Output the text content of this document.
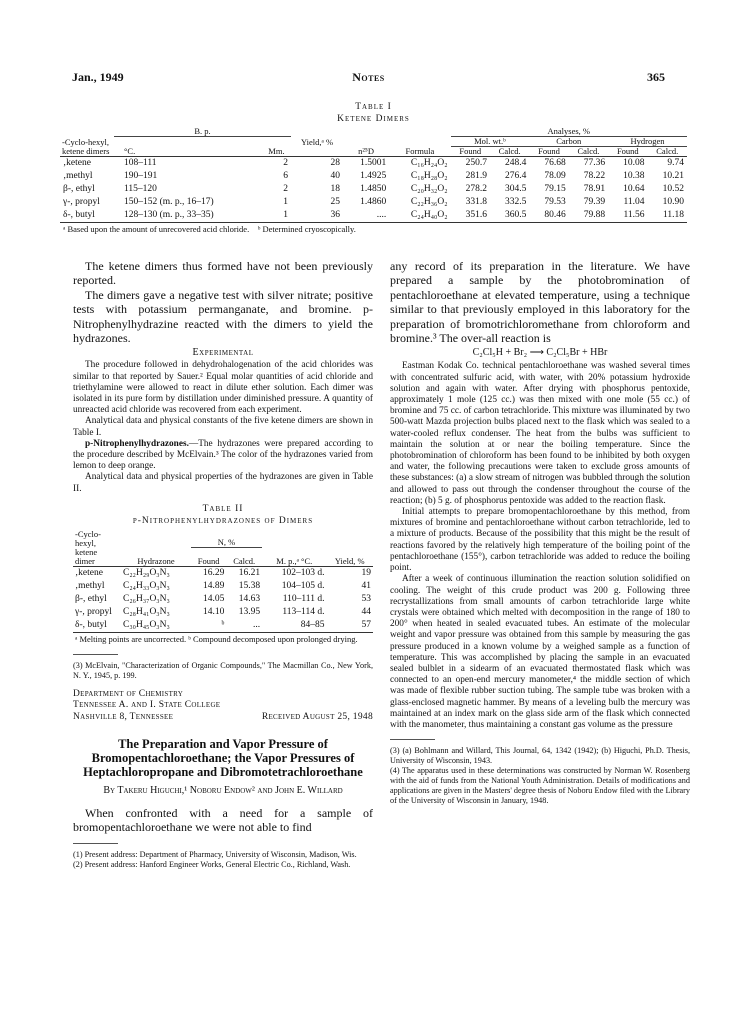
Jan., 1949	Notes	365
Table I
Ketene Dimers
-Cyclo-hexyl, ketene dimers	B. p.		Yield,ᵃ %	n²⁵D	Formula	Analyses, %					
	°C.	Mm.				Mol. wt.ᵇ		Carbon		Hydrogen	
						Found	Calcd.	Found	Calcd.	Found	Calcd.

‚ketene	108–111	2	28	1.5001	C₁₆H₂₄O₂	250.7	248.4	76.68	77.36	10.08	9.74
‚methyl	190–191	6	40	1.4925	C₁₈H₂₈O₂	281.9	276.4	78.09	78.22	10.38	10.21
β-, ethyl	115–120	2	18	1.4850	C₂₀H₃₂O₂	278.2	304.5	79.15	78.91	10.64	10.52
γ-, propyl	150–152 (m. p., 16–17)	1	25	1.4860	C₂₂H₃₆O₂	331.8	332.5	79.53	79.39	11.04	10.90
δ-, butyl	128–130 (m. p., 33–35)	1	36	....	C₂₄H₄₀O₂	351.6	360.5	80.46	79.88	11.56	11.18

ᵃ Based upon the amount of unrecovered acid chloride. ᵇ Determined cryoscopically.											

The ketene dimers thus formed have not been previously reported.

The dimers gave a negative test with silver nitrate; positive tests with potassium permanganate, and bromine. p-Nitrophenylhydrazine reacted with the dimers to yield the hydrazones.

Experimental

The procedure followed in dehydrohalogenation of the acid chlorides was similar to that reported by Sauer.² Equal molar quantities of acid chloride and triethylamine were allowed to react in dilute ether solution. Each dimer was isolated in its pure form by distillation under diminished pressure. A quantity of unreacted acid chloride was recovered from each experiment.

Analytical data and physical constants of the five ketene dimers are shown in Table I.

p-Nitrophenylhydrazones.—The hydrazones were prepared according to the procedure described by McElvain.³ The color of the hydrazones varied from lemon to deep orange.

Analytical data and physical properties of the hydrazones are given in Table II.

Table II
p-Nitrophenylhydrazones of Dimers
-Cyclo-hexyl, ketene dimer	Hydrazone	N, %		M. p.,ᵃ °C.	Yield, %
		Found	Calcd.		

‚ketene	C₂₂H₂₉O₃N₃	16.29	16.21	102–103 d.	19
‚methyl	C₂₄H₃₃O₃N₃	14.89	15.38	104–105 d.	41
β-, ethyl	C₂₆H₃₇O₃N₃	14.05	14.63	110–111 d.	53
γ-, propyl	C₂₈H₄₁O₃N₃	14.10	13.95	113–114 d.	44
δ-, butyl	C₃₀H₄₅O₃N₃	ᵇ	...	84–85	57

ᵃ Melting points are uncorrected. ᵇ Compound decomposed upon prolonged drying.					

(3) McElvain, "Characterization of Organic Compounds," The Macmillan Co., New York, N. Y., 1945, p. 199.

Department of Chemistry
Tennessee A. and I. State College
Nashville 8, Tennessee	Received August 25, 1948
The Preparation and Vapor Pressure of Bromopentachloroethane; the Vapor Pressures of Heptachloropropane and Dibromotetrachloroethane
By Takeru Higuchi,¹ Noboru Endow² and John E. Willard

When confronted with a need for a sample of bromopentachloroethane we were not able to find

(1) Present address: Department of Pharmacy, University of Wisconsin, Madison, Wis.

(2) Present address: Hanford Engineer Works, General Electric Co., Richland, Wash.

any record of its preparation in the literature. We have prepared a sample by the photobromination of pentachloroethane at elevated temperature, using a technique similar to that previously employed in this laboratory for the preparation of bromotrichloromethane from chloroform and bromine.³ The over-all reaction is

C₂Cl₅H + Br₂ ⟶ C₂Cl₅Br + HBr

Eastman Kodak Co. technical pentachloroethane was washed several times with concentrated sulfuric acid, with water, with 20% potassium hydroxide solution and again with water. After drying with phosphorus pentoxide, approximately 1 mole (125 cc.) was then mixed with one mole (55 cc.) of bromine and 75 cc. of carbon tetrachloride. This mixture was illuminated by two 500-watt Mazda projection bulbs placed next to the flask which was sealed to a water-cooled reflux condenser. The heat from the bulbs was sufficient to maintain the solution at or near the boiling temperature. Since the photobromination of chloroform has been found to be inhibited by both oxygen and water, the following precautions were taken to exclude gross amounts of these substances: (a) a slow stream of nitrogen was bubbled through the solution and allowed to pass out through the condenser throughout the course of the reaction; (b) 5 g. of phosphorus pentoxide was added to the reaction flask.

Initial attempts to prepare bromopentachloroethane by this method, from mixtures of bromine and pentachloroethane without carbon tetrachloride, led to a mixture of products. Because of the possibility that this might be the result of reactions favored by the relatively high temperature of the boiling point of the pentachloroethane (155°), carbon tetrachloride was added to reduce the boiling point.

After a week of continuous illumination the reaction solution solidified on cooling. The weight of this crude product was 200 g. Following three recrystallizations from small amounts of carbon tetrachloride large white crystals were obtained which melted with decomposition in the range of 180 to 200° when heated in sealed evacuated tubes. An estimate of the molecular weight and vapor pressure was obtained from this sample by measuring the gas pressure produced in a known volume by a weighed sample as a function of temperature. This was accomplished by placing the sample in an evacuated sealed bulblet in a sidearm of an evacuated thermostated flask which was connected to an open-end mercury manometer,⁴ the middle section of which was made of flexible rubber suction tubing. The sample tube was broken with a glass-enclosed magnetic hammer. By means of a leveling bulb the mercury was maintained at an index mark on the glass side arm of the flask which connected with the manometer, thus maintaining a constant gas volume as the pressure

(3) (a) Bohlmann and Willard, This Journal, 64, 1342 (1942); (b) Higuchi, Ph.D. Thesis, University of Wisconsin, 1943.

(4) The apparatus used in these determinations was constructed by Norman W. Rosenberg with the aid of funds from the National Youth Administration. Details of modifications and applications are given in the Masters' degree thesis of Noboru Endow filed with the Library of the University of Wisconsin in January, 1948.
